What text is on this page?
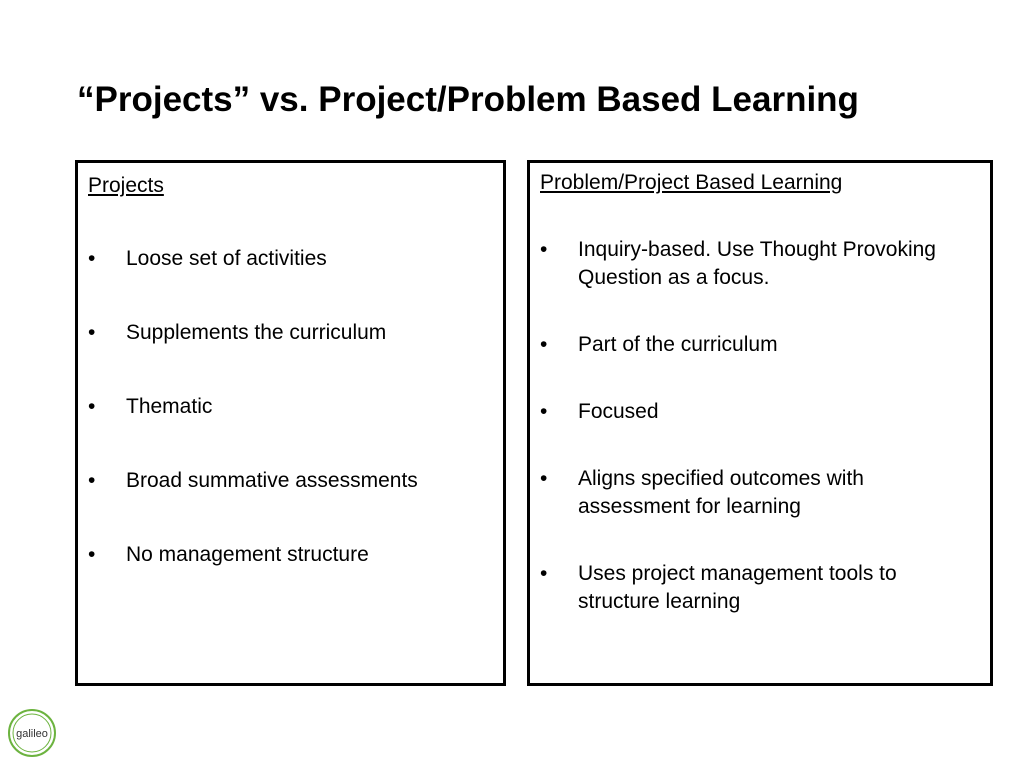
“Projects” vs. Project/Problem Based Learning
Projects
• Loose set of activities
• Supplements the curriculum
• Thematic
• Broad summative assessments
• No management structure
Problem/Project Based Learning
• Inquiry-based. Use Thought Provoking Question as a focus.
• Part of the curriculum
• Focused
• Aligns specified outcomes with assessment for learning
• Uses project management tools to structure learning
galileo
